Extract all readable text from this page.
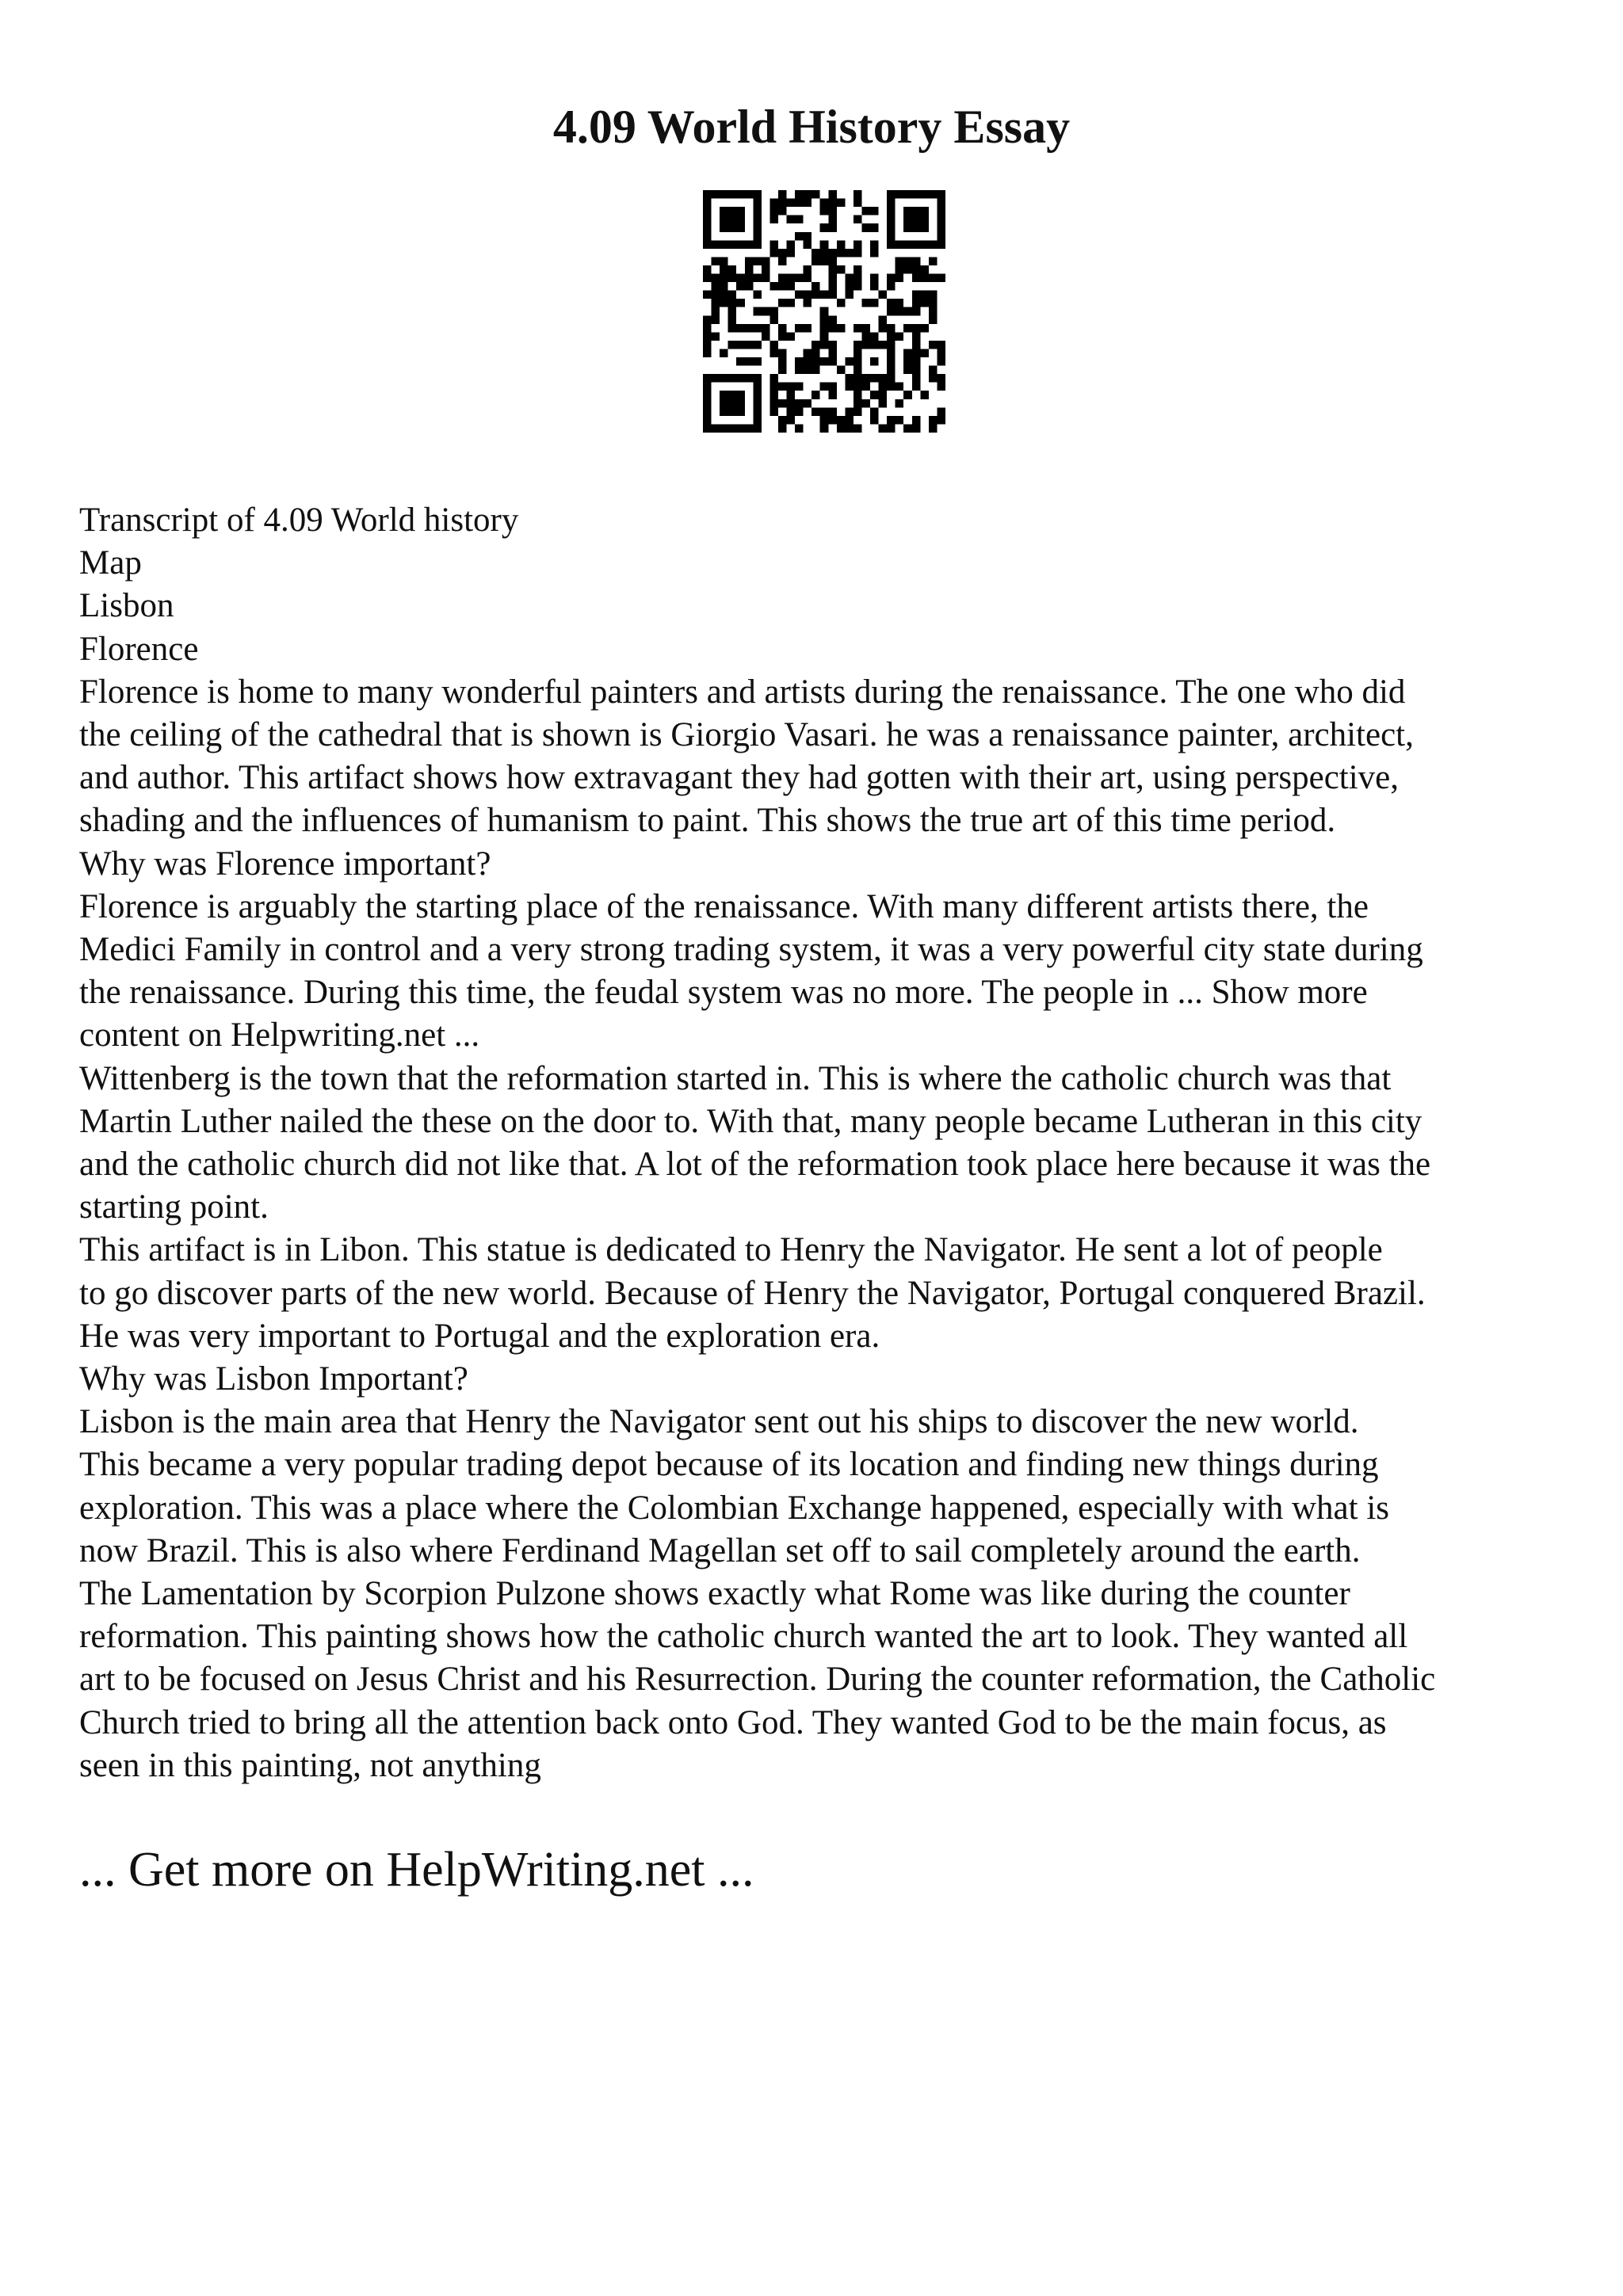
4.09 World History Essay
Transcript of 4.09 World history
Map
Lisbon
Florence
Florence is home to many wonderful painters and artists during the renaissance. The one who did
the ceiling of the cathedral that is shown is Giorgio Vasari. he was a renaissance painter, architect,
and author. This artifact shows how extravagant they had gotten with their art, using perspective,
shading and the influences of humanism to paint. This shows the true art of this time period.
Why was Florence important?
Florence is arguably the starting place of the renaissance. With many different artists there, the
Medici Family in control and a very strong trading system, it was a very powerful city state during
the renaissance. During this time, the feudal system was no more. The people in ... Show more
content on Helpwriting.net ...
Wittenberg is the town that the reformation started in. This is where the catholic church was that
Martin Luther nailed the these on the door to. With that, many people became Lutheran in this city
and the catholic church did not like that. A lot of the reformation took place here because it was the
starting point.
This artifact is in Libon. This statue is dedicated to Henry the Navigator. He sent a lot of people
to go discover parts of the new world. Because of Henry the Navigator, Portugal conquered Brazil.
He was very important to Portugal and the exploration era.
Why was Lisbon Important?
Lisbon is the main area that Henry the Navigator sent out his ships to discover the new world.
This became a very popular trading depot because of its location and finding new things during
exploration. This was a place where the Colombian Exchange happened, especially with what is
now Brazil. This is also where Ferdinand Magellan set off to sail completely around the earth.
The Lamentation by Scorpion Pulzone shows exactly what Rome was like during the counter
reformation. This painting shows how the catholic church wanted the art to look. They wanted all
art to be focused on Jesus Christ and his Resurrection. During the counter reformation, the Catholic
Church tried to bring all the attention back onto God. They wanted God to be the main focus, as
seen in this painting, not anything
... Get more on HelpWriting.net ...
